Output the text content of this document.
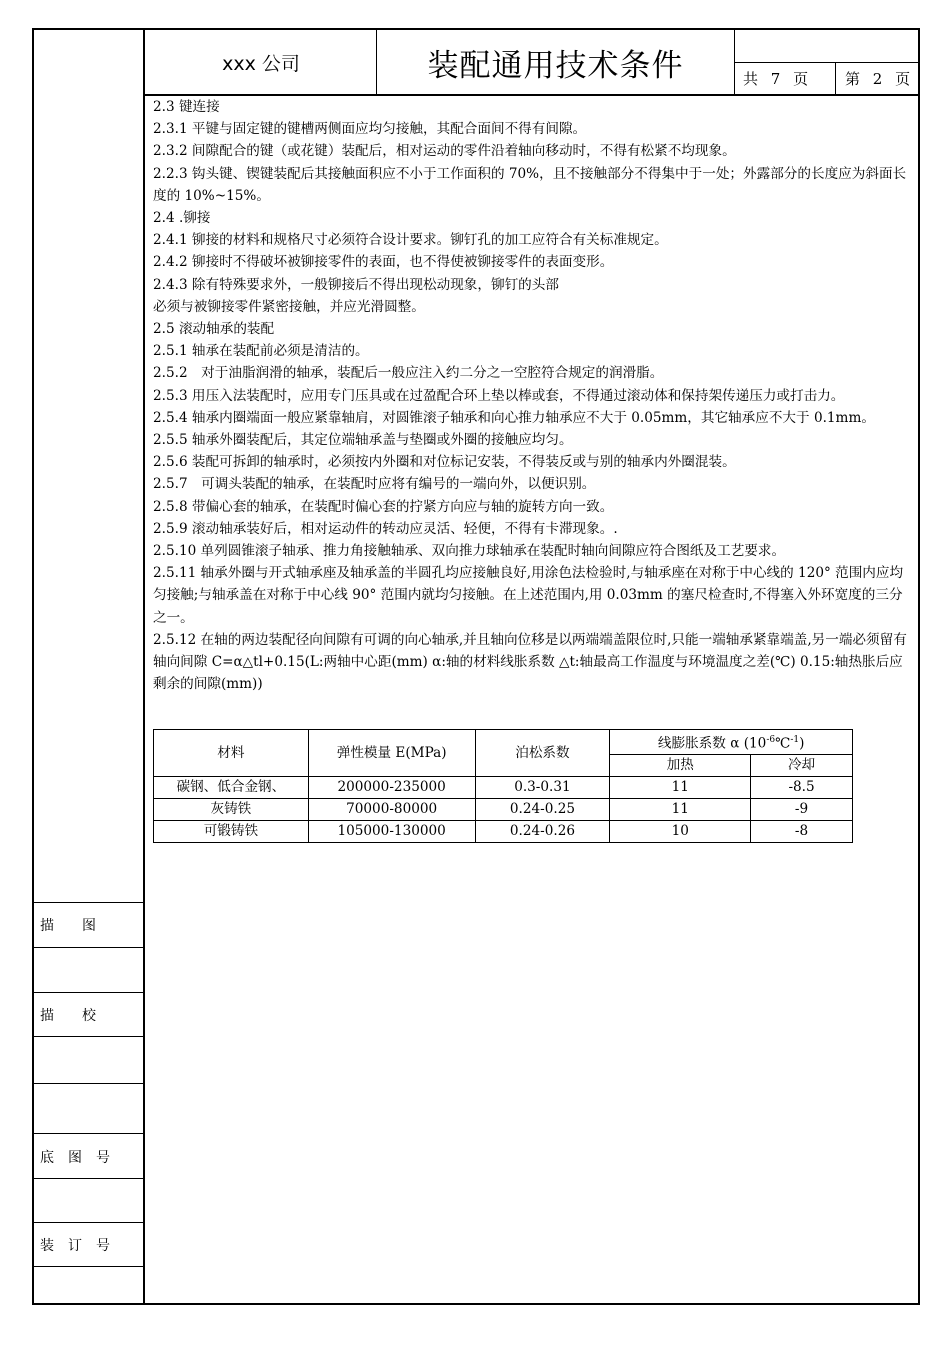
xxx 公司	装配通用技术条件	共 7 页 第 2 页
描　　图
描　　校
底　图　号
装　订　号

2.3 键连接

2.3.1 平键与固定键的键槽两侧面应均匀接触，其配合面间不得有间隙。

2.3.2 间隙配合的键（或花键）装配后，相对运动的零件沿着轴向移动时，不得有松紧不均现象。

2.2.3 钩头键、锲键装配后其接触面积应不小于工作面积的 70%，且不接触部分不得集中于一处；外露部分的长度应为斜面长度的 10%~15%。

2.4 .铆接

2.4.1 铆接的材料和规格尺寸必须符合设计要求。铆钉孔的加工应符合有关标准规定。

2.4.2 铆接时不得破坏被铆接零件的表面，也不得使被铆接零件的表面变形。

2.4.3 除有特殊要求外，一般铆接后不得出现松动现象，铆钉的头部

必须与被铆接零件紧密接触，并应光滑圆整。

2.5 滚动轴承的装配

2.5.1 轴承在装配前必须是清洁的。

2.5.2　对于油脂润滑的轴承，装配后一般应注入约二分之一空腔符合规定的润滑脂。

2.5.3 用压入法装配时，应用专门压具或在过盈配合环上垫以棒或套，不得通过滚动体和保持架传递压力或打击力。

2.5.4 轴承内圈端面一般应紧靠轴肩，对圆锥滚子轴承和向心推力轴承应不大于 0.05mm，其它轴承应不大于 0.1mm。

2.5.5 轴承外圈装配后，其定位端轴承盖与垫圈或外圈的接触应均匀。

2.5.6 装配可拆卸的轴承时，必须按内外圈和对位标记安装，不得装反或与别的轴承内外圈混装。

2.5.7　可调头装配的轴承，在装配时应将有编号的一端向外，以便识别。

2.5.8 带偏心套的轴承，在装配时偏心套的拧紧方向应与轴的旋转方向一致。

2.5.9 滚动轴承装好后，相对运动件的转动应灵活、轻便，不得有卡滞现象。.

2.5.10 单列圆锥滚子轴承、推力角接触轴承、双向推力球轴承在装配时轴向间隙应符合图纸及工艺要求。

2.5.11 轴承外圈与开式轴承座及轴承盖的半圆孔均应接触良好,用涂色法检验时,与轴承座在对称于中心线的 120° 范围内应均匀接触;与轴承盖在对称于中心线 90° 范围内就均匀接触。在上述范围内,用 0.03mm 的塞尺检查时,不得塞入外环宽度的三分之一。

2.5.12 在轴的两边装配径向间隙有可调的向心轴承,并且轴向位移是以两端端盖限位时,只能一端轴承紧靠端盖,另一端必须留有轴向间隙 C=α△tl+0.15(L:两轴中心距(mm) α:轴的材料线胀系数 △t:轴最高工作温度与环境温度之差(℃) 0.15:轴热胀后应剩余的间隙(mm))

材料	弹性模量 E(MPa)	泊松系数	线膨胀系数 α $(10^{-6}℃^{-1})$	
			加热	冷却
碳钢、低合金钢、	200000-235000	0.3-0.31	11	-8.5
灰铸铁	70000-80000	0.24-0.25	11	-9
可锻铸铁	105000-130000	0.24-0.26	10	-8
